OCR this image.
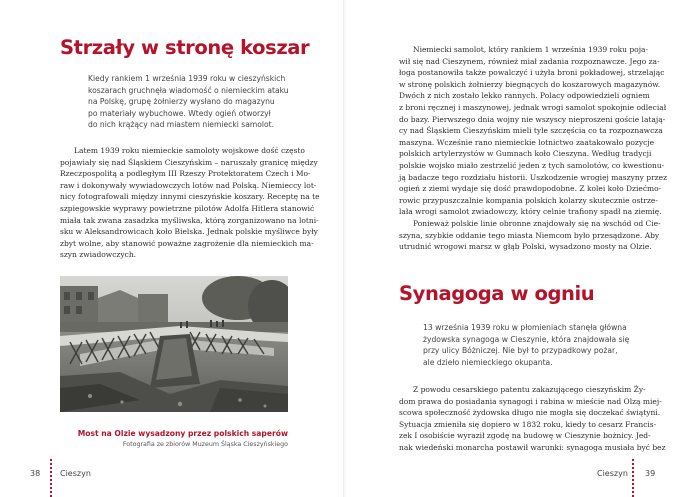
Strzały w stronę koszar
Kiedy rankiem 1 września 1939 roku w cieszyńskich
koszarach gruchnęła wiadomość o niemieckim ataku
na Polskę, grupę żołnierzy wysłano do magazynu
po materiały wybuchowe. Wtedy ogień otworzył
do nich krążący nad miastem niemiecki samolot.
Latem 1939 roku niemieckie samoloty wojskowe dość często
pojawiały się nad Śląskiem Cieszyńskim – naruszały granicę między
Rzeczpospolitą a podległym III Rzeszy Protektoratem Czech i Mo-
raw i dokonywały wywiadowczych lotów nad Polską. Niemieccy lot-
nicy fotografowali między innymi cieszyńskie koszary. Receptę na te
szpiegowskie wyprawy powietrzne pilotów Adolfa Hitlera stanowić
miała tak zwana zasadzka myśliwska, którą zorganizowano na lotni-
sku w Aleksandrowicach koło Bielska. Jednak polskie myśliwce były
zbyt wolne, aby stanowić poważne zagrożenie dla niemieckich ma-
szyn zwiadowczych.
Most na Olzie wysadzony przez polskich saperów
Fotografia ze zbiorów Muzeum Śląska Cieszyńskiego
38 Cieszyn
Niemiecki samolot, który rankiem 1 września 1939 roku poja-
wił się nad Cieszynem, również miał zadania rozpoznawcze. Jego za-
łoga postanowiła także powalczyć i użyła broni pokładowej, strzelając
w stronę polskich żołnierzy biegnących do koszarowych magazynów.
Dwóch z nich zostało lekko rannych. Polacy odpowiedzieli ogniem
z broni ręcznej i maszynowej, jednak wrogi samolot spokojnie odleciał
do bazy. Pierwszego dnia wojny nie wszyscy nieproszeni goście latają-
cy nad Śląskiem Cieszyńskim mieli tyle szczęścia co ta rozpoznawcza
maszyna. Wcześnie rano niemieckie lotnictwo zaatakowało pozycje
polskich artylerzystów w Gumnach koło Cieszyna. Według tradycji
polskie wojsko miało zestrzelić jeden z tych samolotów, co kwestionu-
ją badacze tego rozdziału historii. Uszkodzenie wrogiej maszyny przez
ogień z ziemi wydaje się dość prawdopodobne. Z kolei koło Dziećmo-
rowic przypuszczalnie kompania polskich kolarzy skutecznie ostrze-
lała wrogi samolot zwiadowczy, który celnie trafiony spadł na ziemię.
Ponieważ polskie linie obronne znajdowały się na wschód od Cie-
szyna, szybkie oddanie tego miasta Niemcom było przesądzone. Aby
utrudnić wrogowi marsz w głąb Polski, wysadzono mosty na Olzie.
Synagoga w ogniu
13 września 1939 roku w płomieniach stanęła główna
żydowska synagoga w Cieszynie, która znajdowała się
przy ulicy Bóżniczej. Nie był to przypadkowy pożar,
ale dzieło niemieckiego okupanta.
Z powodu cesarskiego patentu zakazującego cieszyńskim Ży-
dom prawa do posiadania synagogi i rabina w mieście nad Olzą miej-
scowa społeczność żydowska długo nie mogła się doczekać świątyni.
Sytuacja zmieniła się dopiero w 1832 roku, kiedy to cesarz Francis-
zek I osobiście wyraził zgodę na budowę w Cieszynie bożnicy. Jed-
nak wiedeński monarcha postawił warunki: synagoga musiała być bez
Cieszyn 39
